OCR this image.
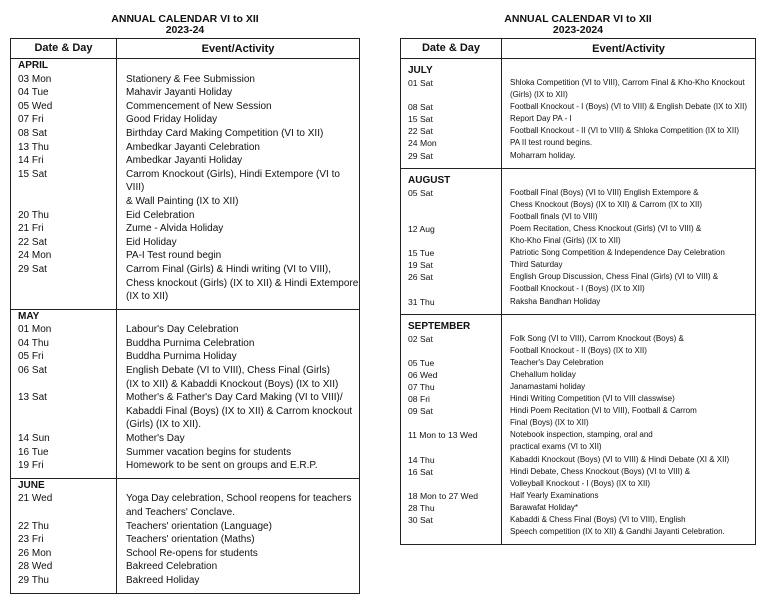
ANNUAL CALENDAR VI to XII
2023-24
Date & Day	Event/Activity
APRIL
03 Mon	Stationery & Fee Submission
04 Tue	Mahavir Jayanti Holiday
05 Wed	Commencement of New Session
07 Fri	Good Friday Holiday
08 Sat	Birthday Card Making Competition (VI to XII)
13 Thu	Ambedkar Jayanti Celebration
14 Fri	Ambedkar Jayanti Holiday
15 Sat	Carrom Knockout (Girls), Hindi Extempore (VI to VIII)
& Wall Painting (IX to XII)
20 Thu	Eid Celebration
21 Fri	Zume - Alvida Holiday
22 Sat	Eid Holiday
24 Mon	PA-I Test round begin
29 Sat	Carrom Final (Girls) & Hindi writing (VI to VIII),
Chess knockout (Girls) (IX to XII) & Hindi Extempore
(IX to XII)
MAY
01 Mon	Labour's Day Celebration
04 Thu	Buddha Purnima Celebration
05 Fri	Buddha Purnima Holiday
06 Sat	English Debate (VI to VIII), Chess Final (Girls)
(IX to XII) & Kabaddi Knockout (Boys) (IX to XII)
13 Sat	Mother's & Father's Day Card Making (VI to VIII)/
Kabaddi Final (Boys) (IX to XII) & Carrom knockout
(Girls) (IX to XII).
14 Sun	Mother's Day
16 Tue	Summer vacation begins for students
19 Fri	Homework to be sent on groups and E.R.P.
JUNE
21 Wed	Yoga Day celebration, School reopens for teachers
and Teachers' Conclave.
22 Thu	Teachers' orientation (Language)
23 Fri	Teachers' orientation (Maths)
26 Mon	School Re-opens for students
28 Wed	Bakreed Celebration
29 Thu	Bakreed Holiday
ANNUAL CALENDAR VI to XII
2023-2024
Date & Day	Event/Activity
JULY
01 Sat	Shloka Competition (VI to VIII), Carrom Final & Kho-Kho Knockout
(Girls) (IX to XII)
08 Sat	Football Knockout - I (Boys) (VI to VIII) & English Debate (IX to XII)
15 Sat	Report Day PA - I
22 Sat	Football Knockout - II (VI to VIII) & Shloka Competition (IX to XII)
24 Mon	PA II test round begins.
29 Sat	Moharram holiday.
AUGUST
05 Sat	Football Final (Boys) (VI to VIII) English Extempore &
Chess Knockout (Boys) (IX to XII) & Carrom (IX to XII)
Football finals (VI to VIII)
12 Aug	Poem Recitation, Chess Knockout (Girls) (VI to VIII) &
Kho-Kho Final (Girls) (IX to XII)
15 Tue	Patriotic Song Competition & Independence Day Celebration
19 Sat	Third Saturday
26 Sat	English Group Discussion, Chess Final (Girls) (VI to VIII) &
Football Knockout - I (Boys) (IX to XII)
31 Thu	Raksha Bandhan Holiday
SEPTEMBER
02 Sat	Folk Song (VI to VIII), Carrom Knockout (Boys) &
Football Knockout - II (Boys) (IX to XII)
05 Tue	Teacher's Day Celebration
06 Wed	Chehallum holiday
07 Thu	Janamastami holiday
08 Fri	Hindi Writing Competition (VI to VIII classwise)
09 Sat	Hindi Poem Recitation (VI to VIII), Football & Carrom
Final (Boys) (IX to XII)
11 Mon to 13 Wed	Notebook inspection, stamping, oral and
practical exams (VI to XII)
14 Thu	Kabaddi Knockout (Boys) (VI to VIII) & Hindi Debate (XI & XII)
16 Sat	Hindi Debate, Chess Knockout (Boys) (VI to VIII) &
Volleyball Knockout - I (Boys) (IX to XII)
18 Mon to 27 Wed	Half Yearly Examinations
28 Thu	Barawafat Holiday*
30 Sat	Kabaddi & Chess Final (Boys) (VI to VIII), English
Speech competition (IX to XII) & Gandhi Jayanti Celebration.
